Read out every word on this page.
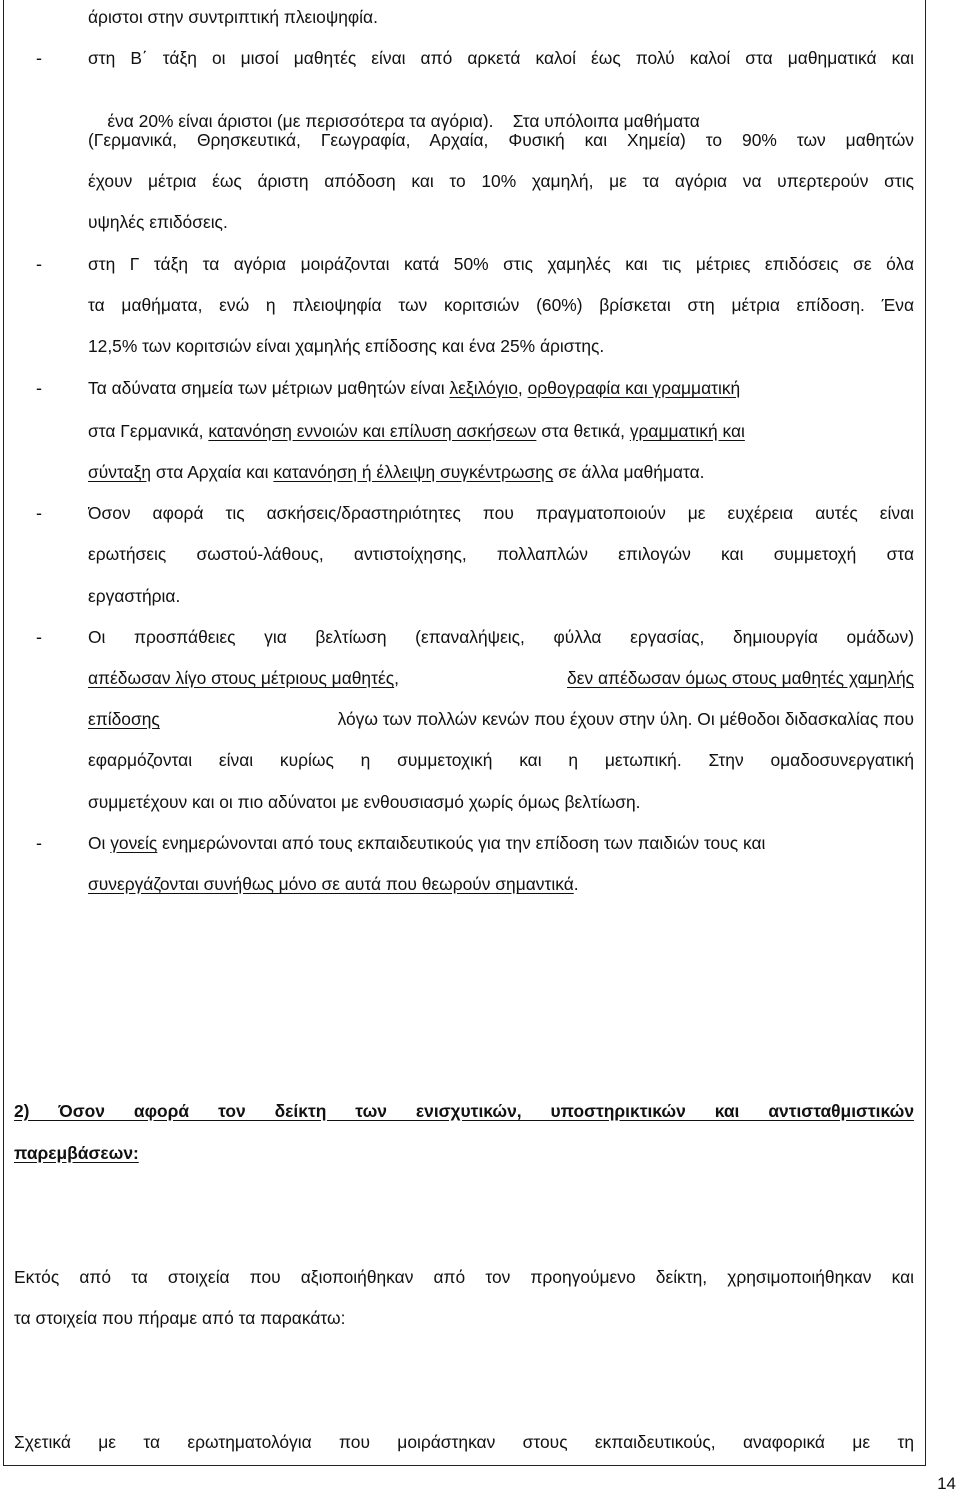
άριστοι στην συντριπτική πλειοψηφία.
-	στη Β΄ τάξη οι μισοί μαθητές είναι από αρκετά καλοί έως πολύ καλοί στα μαθηματικά και

ένα 20% είναι άριστοι (με περισσότερα τα αγόρια).    Στα υπόλοιπα μαθήματα

(Γερμανικά, Θρησκευτικά, Γεωγραφία, Αρχαία, Φυσική και Χημεία) το 90% των μαθητών
έχουν μέτρια έως άριστη απόδοση και το 10% χαμηλή, με τα αγόρια να υπερτερούν στις
υψηλές επιδόσεις.
-	στη Γ τάξη τα αγόρια μοιράζονται κατά 50% στις χαμηλές και τις μέτριες επιδόσεις σε όλα
τα μαθήματα, ενώ η πλειοψηφία των κοριτσιών (60%) βρίσκεται στη μέτρια επίδοση. Ένα
12,5% των κοριτσιών είναι χαμηλής επίδοσης και ένα 25% άριστης.
-	Τα αδύνατα σημεία των μέτριων μαθητών είναι λεξιλόγιο, ορθογραφία και γραμματική
στα Γερμανικά, κατανόηση εννοιών και επίλυση ασκήσεων στα θετικά, γραμματική και
σύνταξη στα Αρχαία και κατανόηση ή έλλειψη συγκέντρωσης σε άλλα μαθήματα.
-	Όσον αφορά τις ασκήσεις/δραστηριότητες που πραγματοποιούν με ευχέρεια αυτές είναι
ερωτήσεις σωστού-λάθους, αντιστοίχησης, πολλαπλών επιλογών και συμμετοχή στα
εργαστήρια.
-	Οι προσπάθειες για βελτίωση (επαναλήψεις, φύλλα εργασίας, δημιουργία ομάδων)
απέδωσαν λίγο στους μέτριους μαθητές,	δεν απέδωσαν όμως στους μαθητές χαμηλής
επίδοσης	λόγω των πολλών κενών που έχουν στην ύλη. Οι μέθοδοι διδασκαλίας που
εφαρμόζονται είναι κυρίως η συμμετοχική και η μετωπική. Στην ομαδοσυνεργατική
συμμετέχουν και οι πιο αδύνατοι με ενθουσιασμό χωρίς όμως βελτίωση.
-	Οι γονείς ενημερώνονται από τους εκπαιδευτικούς για την επίδοση των παιδιών τους και
συνεργάζονται συνήθως μόνο σε αυτά που θεωρούν σημαντικά.
2) Όσον αφορά τον δείκτη των ενισχυτικών, υποστηρικτικών και αντισταθμιστικών
παρεμβάσεων:
Εκτός από τα στοιχεία που αξιοποιήθηκαν από τον προηγούμενο δείκτη, χρησιμοποιήθηκαν και
τα στοιχεία που πήραμε από τα παρακάτω:
Σχετικά με τα ερωτηματολόγια που μοιράστηκαν στους εκπαιδευτικούς, αναφορικά με τη
14
